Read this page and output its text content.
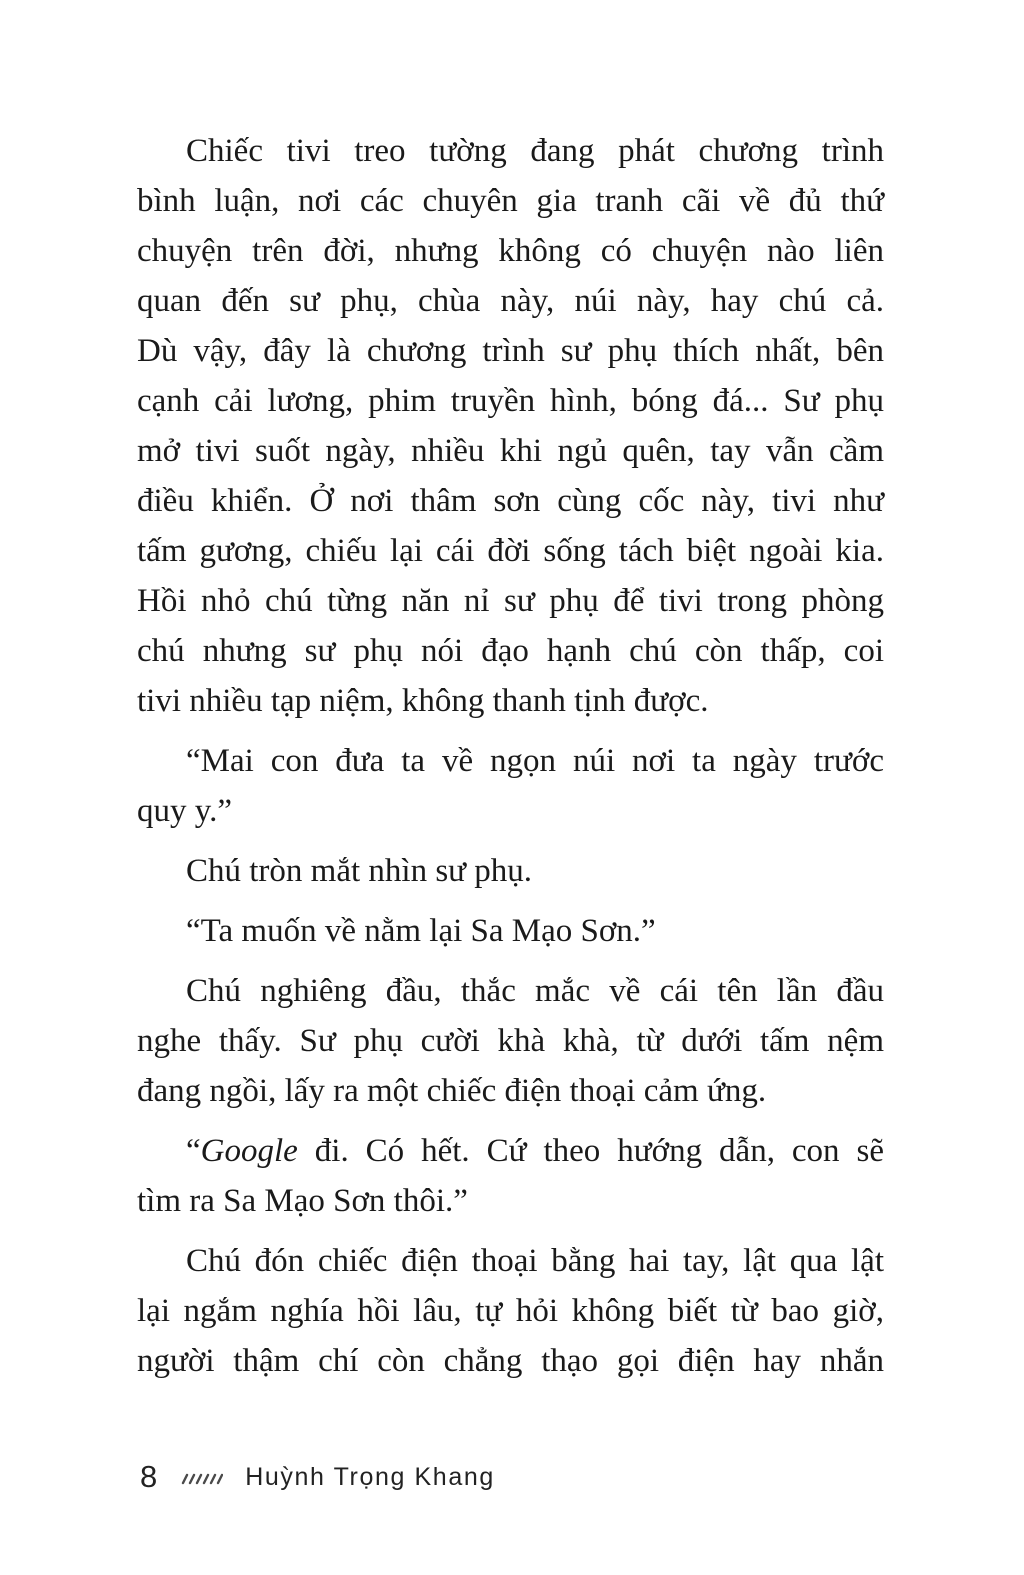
Chiếc tivi treo tường đang phát chương trình
bình luận, nơi các chuyên gia tranh cãi về đủ thứ
chuyện trên đời, nhưng không có chuyện nào liên
quan đến sư phụ, chùa này, núi này, hay chú cả.
Dù vậy, đây là chương trình sư phụ thích nhất, bên
cạnh cải lương, phim truyền hình, bóng đá... Sư phụ
mở tivi suốt ngày, nhiều khi ngủ quên, tay vẫn cầm
điều khiển. Ở nơi thâm sơn cùng cốc này, tivi như
tấm gương, chiếu lại cái đời sống tách biệt ngoài kia.
Hồi nhỏ chú từng năn nỉ sư phụ để tivi trong phòng
chú nhưng sư phụ nói đạo hạnh chú còn thấp, coi
tivi nhiều tạp niệm, không thanh tịnh được.
“Mai con đưa ta về ngọn núi nơi ta ngày trước
quy y.”
Chú tròn mắt nhìn sư phụ.
“Ta muốn về nằm lại Sa Mạo Sơn.”
Chú nghiêng đầu, thắc mắc về cái tên lần đầu
nghe thấy. Sư phụ cười khà khà, từ dưới tấm nệm
đang ngồi, lấy ra một chiếc điện thoại cảm ứng.
“Google đi. Có hết. Cứ theo hướng dẫn, con sẽ
tìm ra Sa Mạo Sơn thôi.”
Chú đón chiếc điện thoại bằng hai tay, lật qua lật
lại ngắm nghía hồi lâu, tự hỏi không biết từ bao giờ,
người thậm chí còn chẳng thạo gọi điện hay nhắn
8	Huỳnh Trọng Khang
